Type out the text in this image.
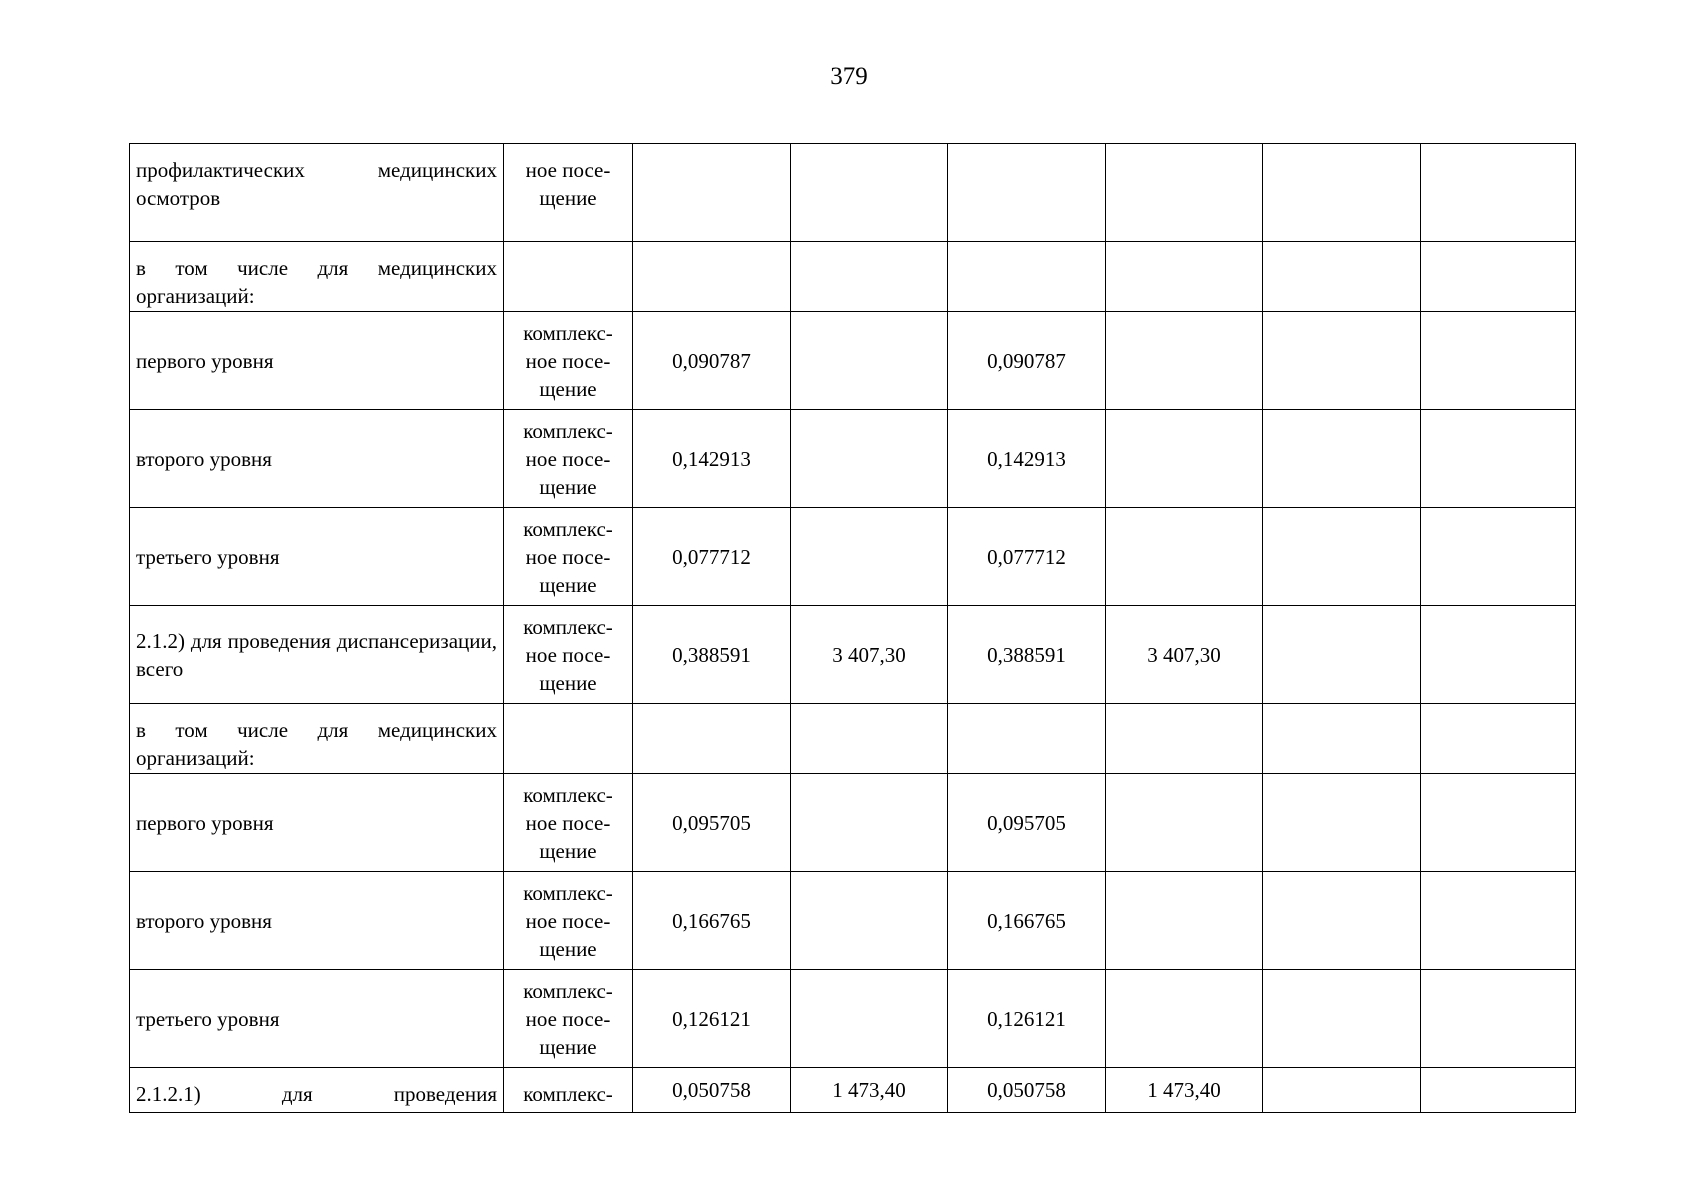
379
профилактических медицинских осмотров	ное посе-
щение						

в том числе для медицинских организаций:							
первого уровня	комплекс-
ное посе-
щение	0,090787		0,090787			
второго уровня	комплекс-
ное посе-
щение	0,142913		0,142913			
третьего уровня	комплекс-
ное посе-
щение	0,077712		0,077712			
2.1.2) для проведения диспансеризации, всего	комплекс-
ное посе-
щение	0,388591	3 407,30	0,388591	3 407,30		
в том числе для медицинских организаций:							
первого уровня	комплекс-
ное посе-
щение	0,095705		0,095705			
второго уровня	комплекс-
ное посе-
щение	0,166765		0,166765			
третьего уровня	комплекс-
ное посе-
щение	0,126121		0,126121			
2.1.2.1) для проведения	комплекс-	0,050758	1 473,40	0,050758	1 473,40		
